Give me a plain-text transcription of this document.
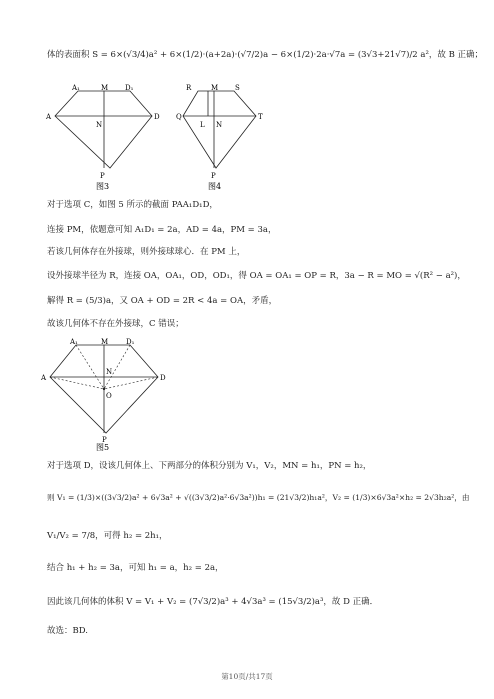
体的表面积 S = 6×(√3/4)a² + 6×(1/2)·(a+2a)·(√7/2)a − 6×(1/2)·2a·√7a = (3√3+21√7)/2 a²，故 B 正确；
A₁	M D₁
A
N
D
P
图3
R	M S
Q
L N
T
P
图4
对于选项 C，如图 5 所示的截面 PAA₁D₁D，
连接 PM，依题意可知 A₁D₁ = 2a，AD = 4a，PM = 3a，
若该几何体存在外接球，则外接球球心．在 PM 上，
设外接球半径为 R，连接 OA，OA₁，OD，OD₁，得 OA = OA₁ = OP = R，3a − R = MO = √(R² − a²)，
解得 R = (5/3)a，又 OA + OD = 2R < 4a = OA，矛盾，
故该几何体不存在外接球，C 错误；
A₁	M	D₁
A
N
D
O
P
图5
对于选项 D，设该几何体上、下两部分的体积分别为 V₁，V₂，MN = h₁，PN = h₂，
则 V₁ = (1/3)×((3√3/2)a² + 6√3a² + √((3√3/2)a²·6√3a²))h₁ = (21√3/2)h₁a²，V₂ = (1/3)×6√3a²×h₂ = 2√3h₂a²，由
V₁/V₂ = 7/8，可得 h₂ = 2h₁，
结合 h₁ + h₂ = 3a，可知 h₁ = a，h₂ = 2a，
因此该几何体的体积 V = V₁ + V₂ = (7√3/2)a³ + 4√3a³ = (15√3/2)a³，故 D 正确．
故选：BD.
第10页/共17页
